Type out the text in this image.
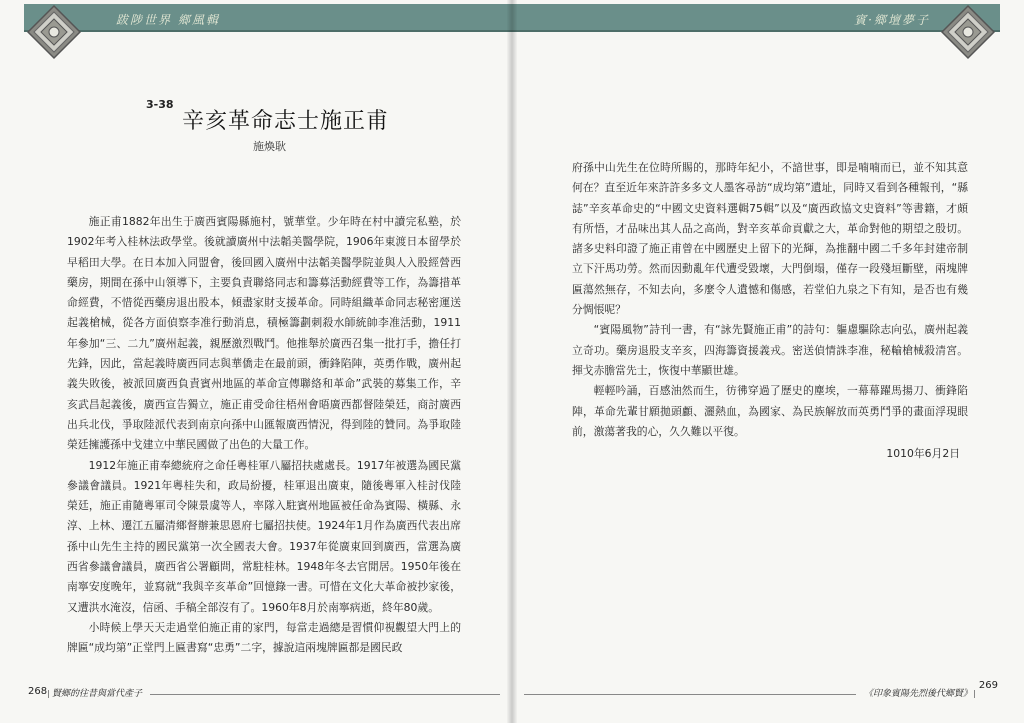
跋陟世界 鄉風輯
$^{3-38}$
辛亥革命志士施正甫
施煥耿

施正甫1882年出生于廣西賓陽縣施村，號華堂。少年時在村中讀完私塾，於1902年考入桂林法政學堂。後就讀廣州中法韜美醫學院，1906年東渡日本留學於早稻田大學。在日本加入同盟會，後回國入廣州中法韜美醫學院並與人入股經營西藥房，期間在孫中山領導下，主要負責聯絡同志和籌募活動經費等工作，為籌措革命經費，不惜從西藥房退出股本，傾盡家財支援革命。同時組織革命同志秘密運送起義槍械，從各方面偵察李准行動消息，積極籌劃刺殺水師統帥李准活動，1911年參加“三、二九”廣州起義，親歷激烈戰鬥。他推舉於廣西召集一批打手，擔任打先鋒，因此，當起義時廣西同志與華僑走在最前頭，衝鋒陷陣，英勇作戰，廣州起義失敗後，被派回廣西負責賓州地區的革命宣傳聯絡和革命”武裝的募集工作，辛亥武昌起義後，廣西宣告獨立，施正甫受命往梧州會晤廣西都督陸榮廷，商討廣西出兵北伐，爭取陸派代表到南京向孫中山匯報廣西情況，得到陸的贊同。為爭取陸榮廷擁護孫中戈建立中華民國做了出色的大量工作。

1912年施正甫奉總統府之命任粵桂軍八屬招扶處處長。1917年被選為國民黨參議會議員。1921年粵桂失和，政局紛擾，桂軍退出廣東，隨後粵軍入桂討伐陸榮廷，施正甫隨粵軍司令陳景虞等人，率隊入駐賓州地區被任命為賓陽、橫縣、永淳、上林、遷江五屬清鄉督辦兼思恩府七屬招扶使。1924年1月作為廣西代表出席孫中山先生主持的國民黨第一次全國表大會。1937年從廣東回到廣西，當選為廣西省參議會議員，廣西省公署顧問，常駐桂林。1948年冬去官閒居。1950年後在南寧安度晚年，並寫就“我與辛亥革命”回憶錄一書。可惜在文化大革命被抄家後，又遭洪水淹沒，信函、手稿全部沒有了。1960年8月於南寧病逝，終年80歲。

小時候上學天天走過堂伯施正甫的家門，每當走過總是習慣仰視觀望大門上的牌匾“成均第”正堂門上匾書寫“忠勇”二字，據說這兩塊牌匾都是國民政

268 賢鄉的往昔與當代產子
賓·鄉壇夢子

府孫中山先生在位時所賜的，那時年紀小，不諳世事，即是喃喃而已，並不知其意何在？直至近年來許許多多文人墨客尋訪“成均第”遺址，同時又看到各種報刊，“縣誌”辛亥革命史的“中國文史資料選輯75輯”以及“廣西政協文史資料”等書籍，才頗有所悟，才品味出其人品之高尚，對辛亥革命貢獻之大，革命對他的期望之殷切。諸多史料印證了施正甫曾在中國歷史上留下的光輝，為推翻中國二千多年封建帝制立下汗馬功勞。然而因動亂年代遭受毀壞，大門倒塌，僅存一段殘垣斷壁，兩塊牌匾蕩然無存，不知去向，多麼令人遺憾和傷感，若堂伯九泉之下有知，是否也有幾分惆悵呢？

“賓陽風物”詩刊一書，有“詠先賢施正甫”的詩句：軀慮驅除志向弘，廣州起義立奇功。藥房退股支辛亥，四海籌資援義戎。密送偵情誅李准，秘輸槍械殺清宮。揮戈赤膽當先士，恢復中華顯世雄。

輕輕吟誦，百感油然而生，彷彿穿過了歷史的塵埃，一幕幕躍馬揚刀、衝鋒陷陣，革命先輩甘願拋頭顱、灑熱血，為國家、為民族解放而英勇鬥爭的畫面浮現眼前，激蕩著我的心，久久難以平復。

1010年6月2日
《印象賓陽先烈後代鄉賢》
269
